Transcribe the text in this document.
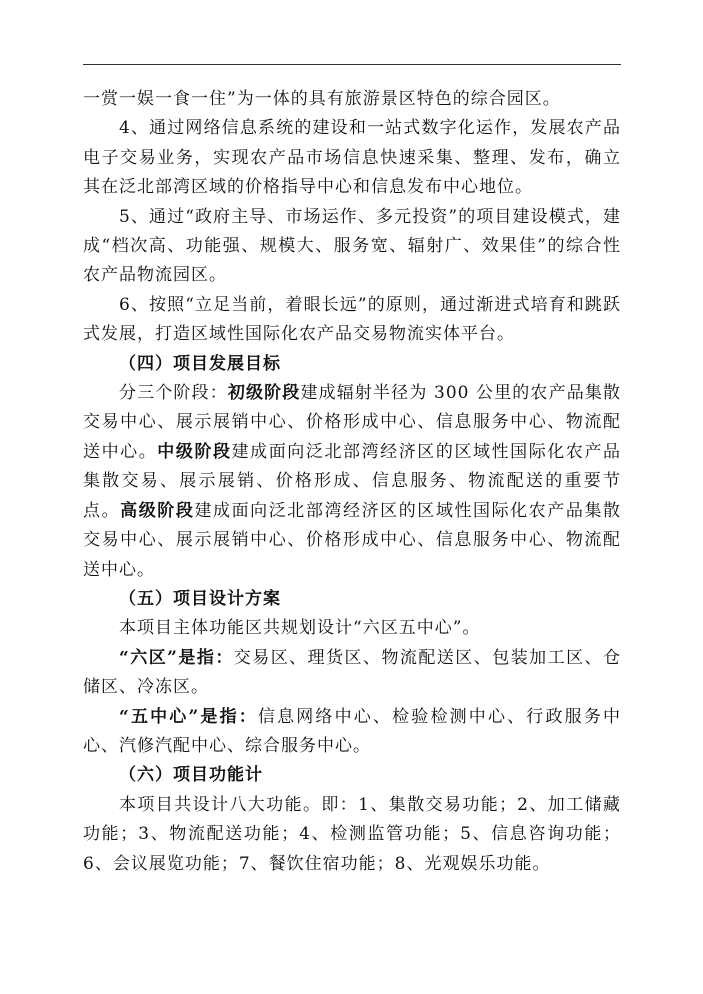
一赏一娱一食一住”为一体的具有旅游景区特色的综合园区。

4、通过网络信息系统的建设和一站式数字化运作，发展农产品电子交易业务，实现农产品市场信息快速采集、整理、发布，确立其在泛北部湾区域的价格指导中心和信息发布中心地位。

5、通过“政府主导、市场运作、多元投资”的项目建设模式，建成“档次高、功能强、规模大、服务宽、辐射广、效果佳”的综合性农产品物流园区。

6、按照“立足当前，着眼长远”的原则，通过渐进式培育和跳跃式发展，打造区域性国际化农产品交易物流实体平台。

（四）项目发展目标

分三个阶段：初级阶段建成辐射半径为 300 公里的农产品集散交易中心、展示展销中心、价格形成中心、信息服务中心、物流配送中心。中级阶段建成面向泛北部湾经济区的区域性国际化农产品集散交易、展示展销、价格形成、信息服务、物流配送的重要节点。高级阶段建成面向泛北部湾经济区的区域性国际化农产品集散交易中心、展示展销中心、价格形成中心、信息服务中心、物流配送中心。

（五）项目设计方案

本项目主体功能区共规划设计“六区五中心”。

“六区”是指：交易区、理货区、物流配送区、包装加工区、仓储区、冷冻区。

“五中心”是指：信息网络中心、检验检测中心、行政服务中心、汽修汽配中心、综合服务中心。

（六）项目功能计

本项目共设计八大功能。即：1、集散交易功能；2、加工储藏功能；3、物流配送功能；4、检测监管功能；5、信息咨询功能；6、会议展览功能；7、餐饮住宿功能；8、光观娱乐功能。
